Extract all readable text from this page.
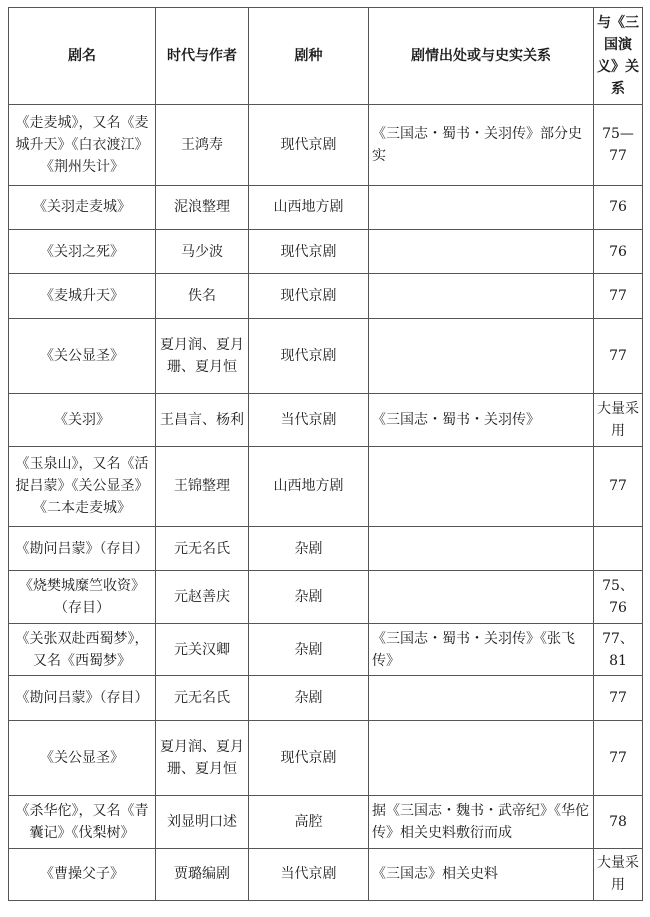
剧名	时代与作者	剧种	剧情出处或与史实关系	与《三国演义》关系
《走麦城》，又名《麦城升天》《白衣渡江》《荆州失计》	王鸿寿	现代京剧	《三国志・蜀书・关羽传》部分史实	75—77
《关羽走麦城》	泥浪整理	山西地方剧		76
《关羽之死》	马少波	现代京剧		76
《麦城升天》	佚名	现代京剧		77
《关公显圣》	夏月润、夏月珊、夏月恒	现代京剧		77
《关羽》	王昌言、杨利	当代京剧	《三国志・蜀书・关羽传》	大量采用
《玉泉山》，又名《活捉吕蒙》《关公显圣》《二本走麦城》	王锦整理	山西地方剧		77
《勘问吕蒙》（存目）	元无名氏	杂剧		
《烧樊城糜竺收资》（存目）	元赵善庆	杂剧		75、76
《关张双赴西蜀梦》，又名《西蜀梦》	元关汉卿	杂剧	《三国志・蜀书・关羽传》《张飞传》	77、81
《勘问吕蒙》（存目）	元无名氏	杂剧		77
《关公显圣》	夏月润、夏月珊、夏月恒	现代京剧		77
《杀华佗》，又名《青囊记》《伐梨树》	刘显明口述	高腔	据《三国志・魏书・武帝纪》《华佗传》相关史料敷衍而成	78
《曹操父子》	贾璐编剧	当代京剧	《三国志》相关史料	大量采用
